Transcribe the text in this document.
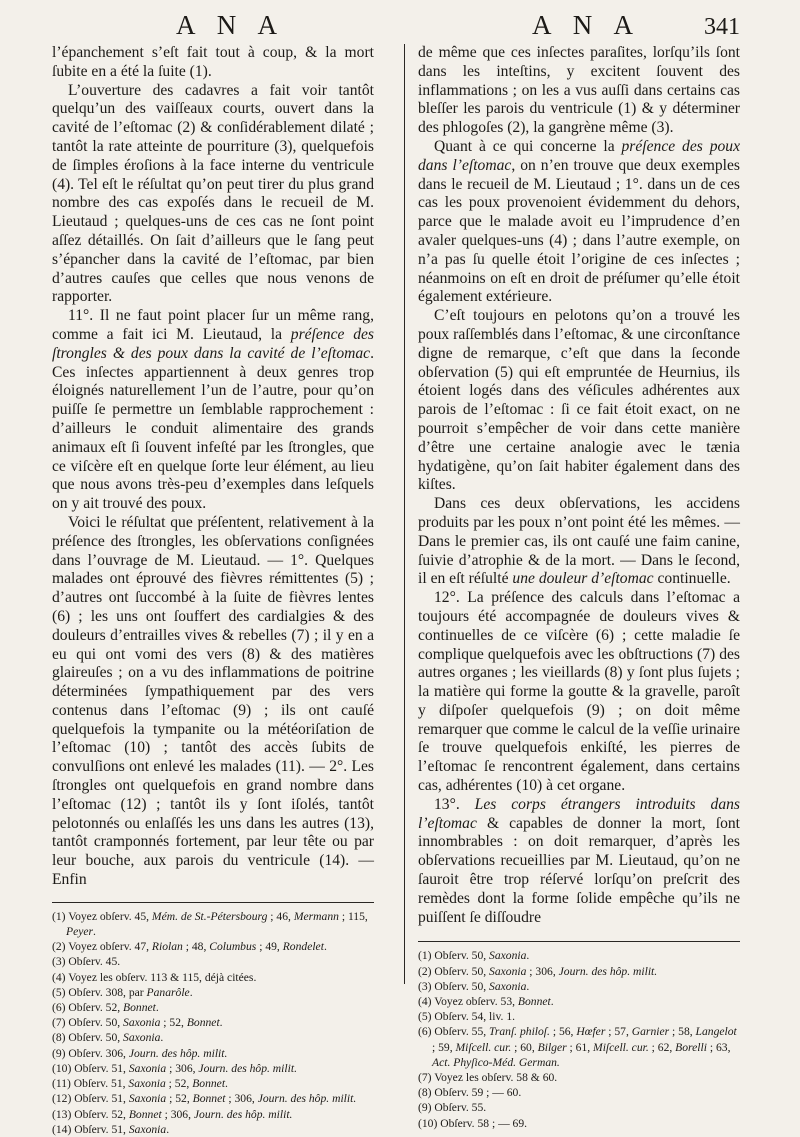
A N A	A N A	341

l’épanchement s’eſt fait tout à coup, & la mort ſubite en a été la ſuite (1).

L’ouverture des cadavres a fait voir tantôt quelqu’un des vaiſſeaux courts, ouvert dans la cavité de l’eſtomac (2) & conſidérablement dilaté ; tantôt la rate atteinte de pourriture (3), quelquefois de ſimples éroſions à la face interne du ventricule (4). Tel eſt le réſultat qu’on peut tirer du plus grand nombre des cas expoſés dans le recueil de M. Lieutaud ; quelques-uns de ces cas ne ſont point aſſez détaillés. On ſait d’ailleurs que le ſang peut s’épancher dans la cavité de l’eſtomac, par bien d’autres cauſes que celles que nous venons de rapporter.

11°. Il ne faut point placer ſur un même rang, comme a fait ici M. Lieutaud, la préſence des ſtrongles & des poux dans la cavité de l’eſtomac. Ces inſectes appartiennent à deux genres trop éloignés naturellement l’un de l’autre, pour qu’on puiſſe ſe permettre un ſemblable rapprochement : d’ailleurs le conduit alimentaire des grands animaux eſt ſi ſouvent infeſté par les ſtrongles, que ce viſcère eſt en quelque ſorte leur élément, au lieu que nous avons très-peu d’exemples dans leſquels on y ait trouvé des poux.

Voici le réſultat que préſentent, relativement à la préſence des ſtrongles, les obſervations conſignées dans l’ouvrage de M. Lieutaud. — 1°. Quelques malades ont éprouvé des fièvres rémittentes (5) ; d’autres ont ſuccombé à la ſuite de fièvres lentes (6) ; les uns ont ſouffert des cardialgies & des douleurs d’entrailles vives & rebelles (7) ; il y en a eu qui ont vomi des vers (8) & des matières glaireuſes ; on a vu des inflammations de poitrine déterminées ſympathiquement par des vers contenus dans l’eſtomac (9) ; ils ont cauſé quelquefois la tympanite ou la météoriſation de l’eſtomac (10) ; tantôt des accès ſubits de convulſions ont enlevé les malades (11). — 2°. Les ſtrongles ont quelquefois en grand nombre dans l’eſtomac (12) ; tantôt ils y ſont iſolés, tantôt pelotonnés ou enlaſſés les uns dans les autres (13), tantôt cramponnés fortement, par leur tête ou par leur bouche, aux parois du ventricule (14). — Enfin

(1) Voyez obſerv. 45, Mém. de St.-Pétersbourg ; 46, Mermann ; 115, Peyer.
(2) Voyez obſerv. 47, Riolan ; 48, Columbus ; 49, Rondelet.
(3) Obſerv. 45.
(4) Voyez les obſerv. 113 & 115, déjà citées.
(5) Obſerv. 308, par Panarôle.
(6) Obſerv. 52, Bonnet.
(7) Obſerv. 50, Saxonia ; 52, Bonnet.
(8) Obſerv. 50, Saxonia.
(9) Obſerv. 306, Journ. des hôp. milit.
(10) Obſerv. 51, Saxonia ; 306, Journ. des hôp. milit.
(11) Obſerv. 51, Saxonia ; 52, Bonnet.
(12) Obſerv. 51, Saxonia ; 52, Bonnet ; 306, Journ. des hôp. milit.
(13) Obſerv. 52, Bonnet ; 306, Journ. des hôp. milit.
(14) Obſerv. 51, Saxonia.

de même que ces inſectes paraſites, lorſqu’ils ſont dans les inteſtins, y excitent ſouvent des inflammations ; on les a vus auſſi dans certains cas bleſſer les parois du ventricule (1) & y déterminer des phlogoſes (2), la gangrène même (3).

Quant à ce qui concerne la préſence des poux dans l’eſtomac, on n’en trouve que deux exemples dans le recueil de M. Lieutaud ; 1°. dans un de ces cas les poux provenoient évidemment du dehors, parce que le malade avoit eu l’imprudence d’en avaler quelques-uns (4) ; dans l’autre exemple, on n’a pas ſu quelle étoit l’origine de ces inſectes ; néanmoins on eſt en droit de préſumer qu’elle étoit également extérieure.

C’eſt toujours en pelotons qu’on a trouvé les poux raſſemblés dans l’eſtomac, & une circonſtance digne de remarque, c’eſt que dans la ſeconde obſervation (5) qui eſt empruntée de Heurnius, ils étoient logés dans des véſicules adhérentes aux parois de l’eſtomac : ſi ce fait étoit exact, on ne pourroit s’empêcher de voir dans cette manière d’être une certaine analogie avec le tænia hydatigène, qu’on ſait habiter également dans des kiſtes.

Dans ces deux obſervations, les accidens produits par les poux n’ont point été les mêmes. — Dans le premier cas, ils ont cauſé une faim canine, ſuivie d’atrophie & de la mort. — Dans le ſecond, il en eſt réſulté une douleur d’eſtomac continuelle.

12°. La préſence des calculs dans l’eſtomac a toujours été accompagnée de douleurs vives & continuelles de ce viſcère (6) ; cette maladie ſe complique quelquefois avec les obſtructions (7) des autres organes ; les vieillards (8) y ſont plus ſujets ; la matière qui forme la goutte & la gravelle, paroît y diſpoſer quelquefois (9) ; on doit même remarquer que comme le calcul de la veſſie urinaire ſe trouve quelquefois enkiſté, les pierres de l’eſtomac ſe rencontrent également, dans certains cas, adhérentes (10) à cet organe.

13°. Les corps étrangers introduits dans l’eſtomac & capables de donner la mort, ſont innombrables : on doit remarquer, d’après les obſervations recueillies par M. Lieutaud, qu’on ne ſauroit être trop réſervé lorſqu’on preſcrit des remèdes dont la forme ſolide empêche qu’ils ne puiſſent ſe diſſoudre

(1) Obſerv. 50, Saxonia.
(2) Obſerv. 50, Saxonia ; 306, Journ. des hôp. milit.
(3) Obſerv. 50, Saxonia.
(4) Voyez obſerv. 53, Bonnet.
(5) Obſerv. 54, liv. 1.
(6) Obſerv. 55, Tranſ. philoſ. ; 56, Hœfer ; 57, Garnier ; 58, Langelot ; 59, Miſcell. cur. ; 60, Bilger ; 61, Miſcell. cur. ; 62, Borelli ; 63, Act. Phyſico-Méd. German.
(7) Voyez les obſerv. 58 & 60.
(8) Obſerv. 59 ; — 60.
(9) Obſerv. 55.
(10) Obſerv. 58 ; — 69.
